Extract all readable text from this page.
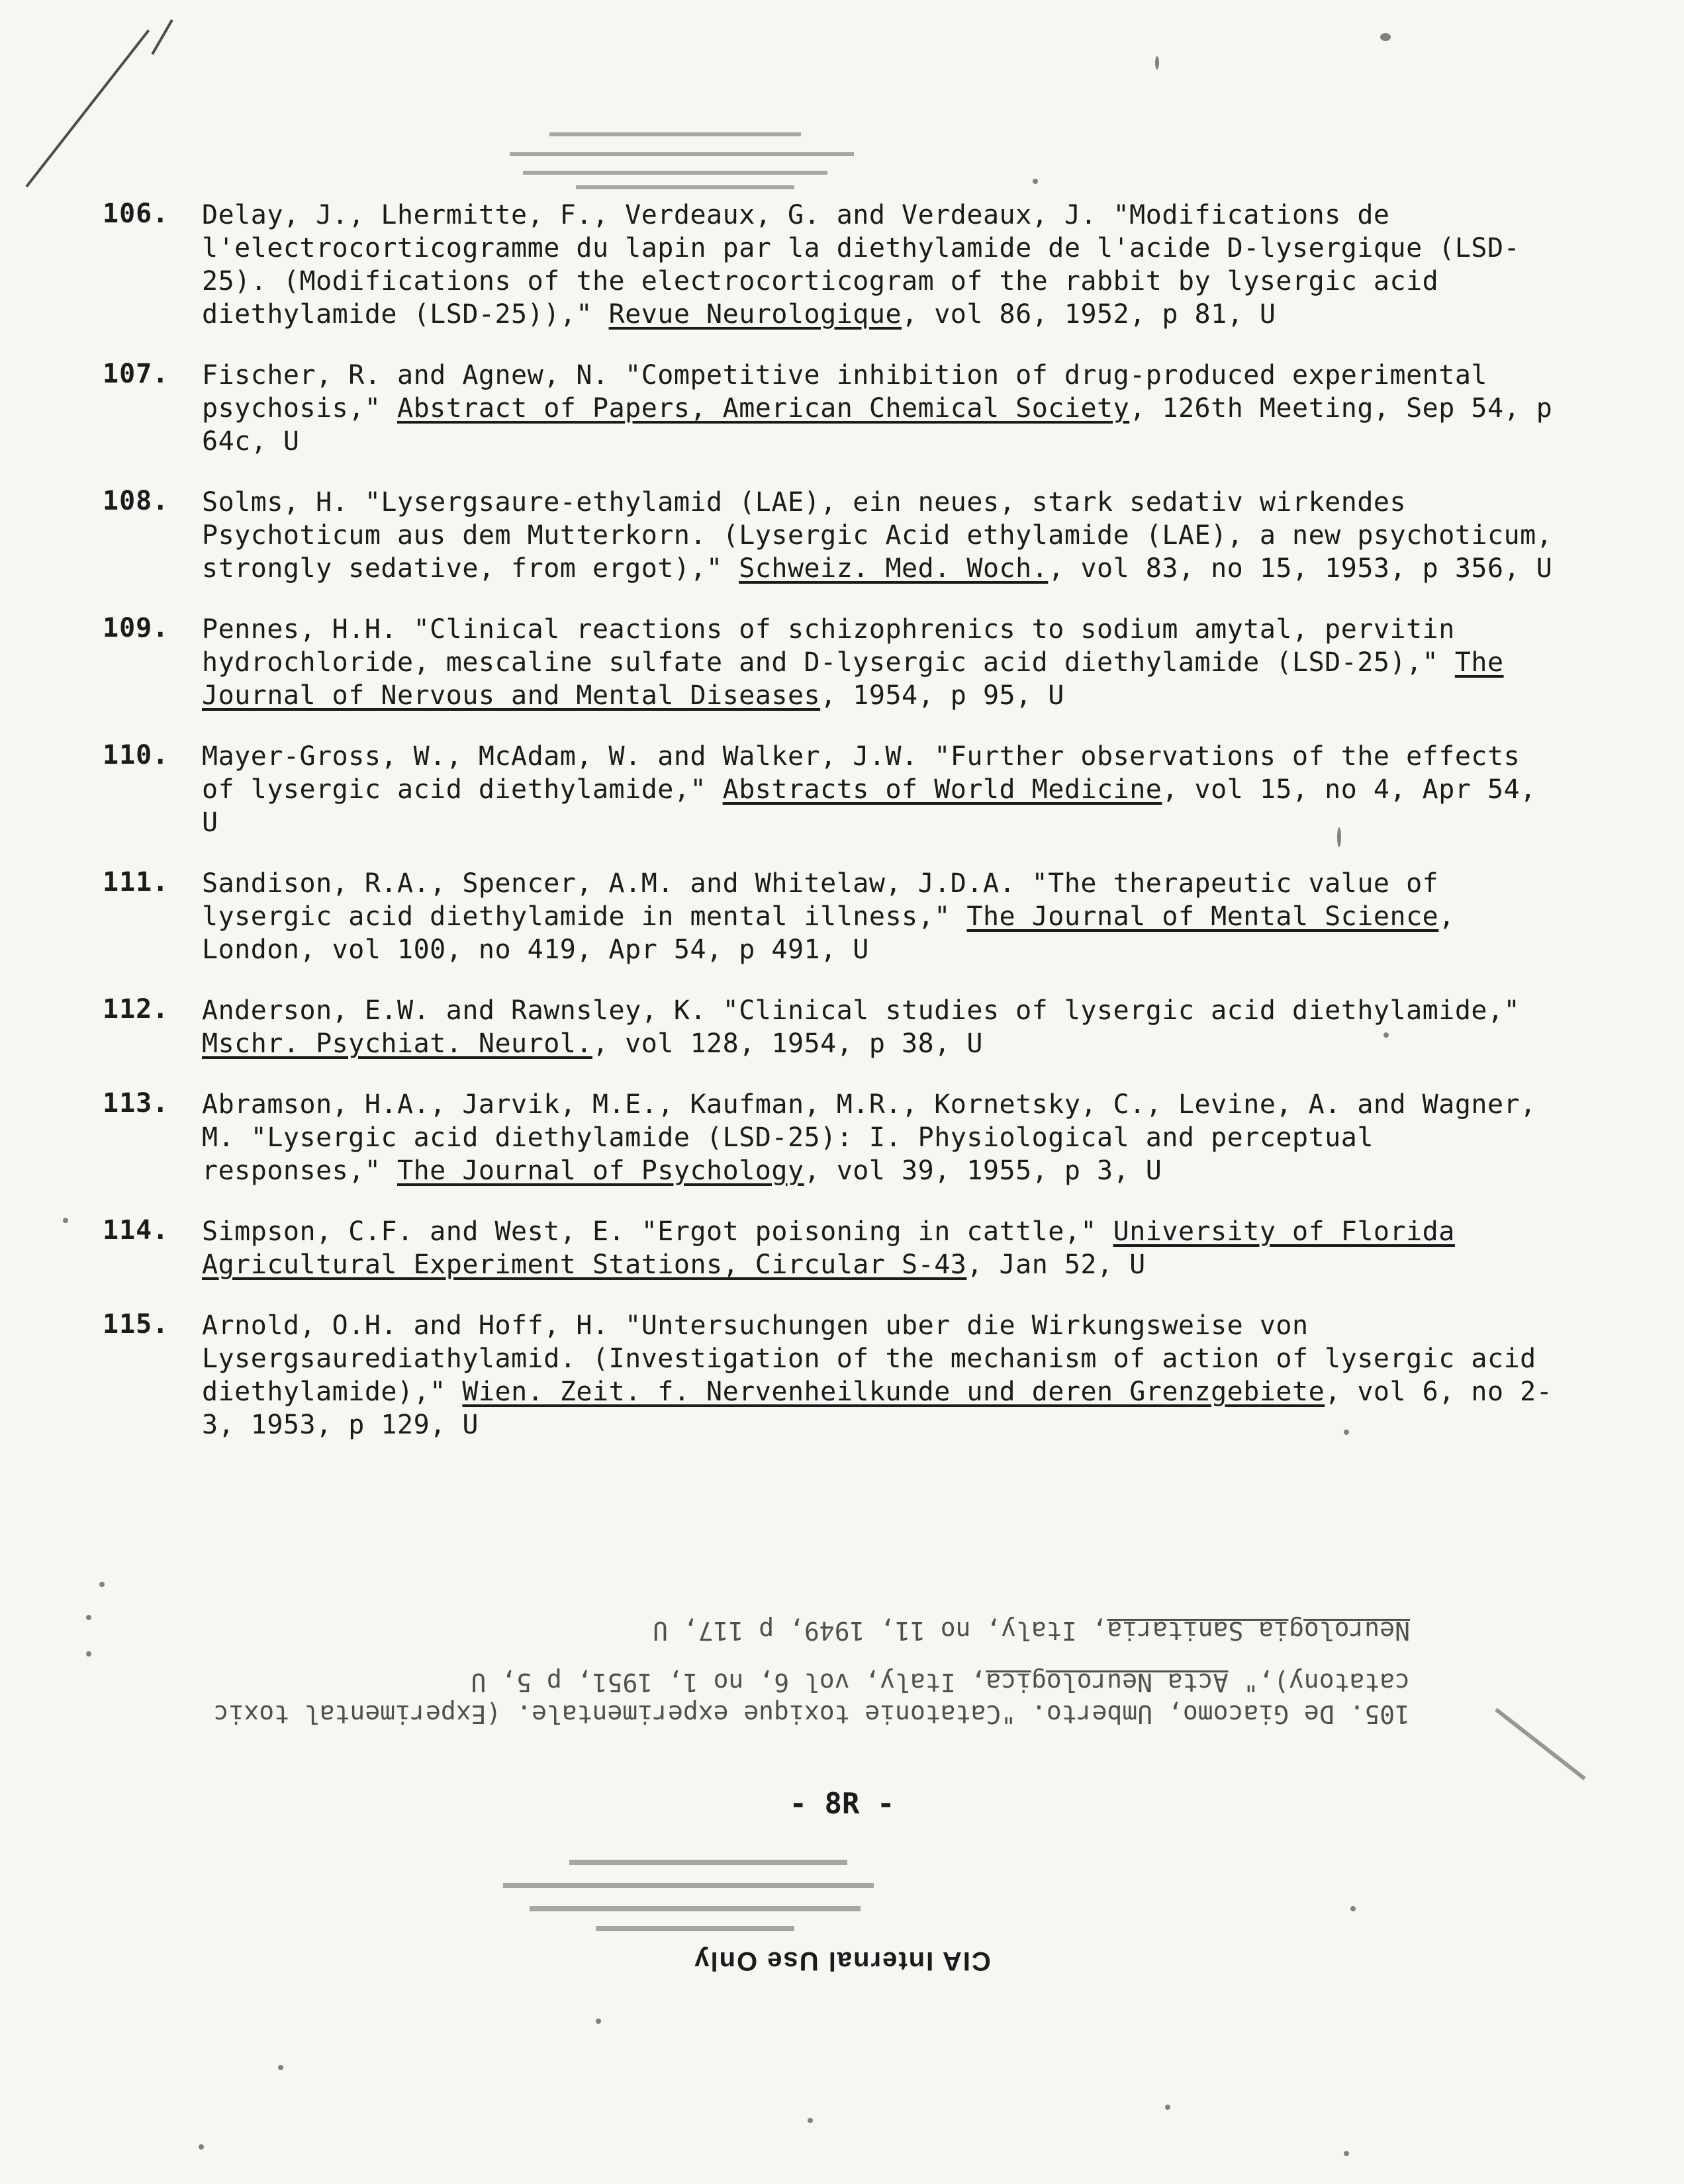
106.	Delay, J., Lhermitte, F., Verdeaux, G. and Verdeaux, J. "Modifications de l'electrocorticogramme du lapin par la diethylamide de l'acide D-lysergique (LSD-25). (Modifications of the electrocorticogram of the rabbit by lysergic acid diethylamide (LSD-25))," Revue Neurologique, vol 86, 1952, p 81, U
107.	Fischer, R. and Agnew, N. "Competitive inhibition of drug-produced experimental psychosis," Abstract of Papers, American Chemical Society, 126th Meeting, Sep 54, p 64c, U
108.	Solms, H. "Lysergsaure-ethylamid (LAE), ein neues, stark sedativ wirkendes Psychoticum aus dem Mutterkorn. (Lysergic Acid ethylamide (LAE), a new psychoticum, strongly sedative, from ergot)," Schweiz. Med. Woch., vol 83, no 15, 1953, p 356, U
109.	Pennes, H.H. "Clinical reactions of schizophrenics to sodium amytal, pervitin hydrochloride, mescaline sulfate and D-lysergic acid diethylamide (LSD-25)," The Journal of Nervous and Mental Diseases, 1954, p 95, U
110.	Mayer-Gross, W., McAdam, W. and Walker, J.W. "Further observations of the effects of lysergic acid diethylamide," Abstracts of World Medicine, vol 15, no 4, Apr 54, U
111.	Sandison, R.A., Spencer, A.M. and Whitelaw, J.D.A. "The therapeutic value of lysergic acid diethylamide in mental illness," The Journal of Mental Science, London, vol 100, no 419, Apr 54, p 491, U
112.	Anderson, E.W. and Rawnsley, K. "Clinical studies of lysergic acid diethylamide," Mschr. Psychiat. Neurol., vol 128, 1954, p 38, U
113.	Abramson, H.A., Jarvik, M.E., Kaufman, M.R., Kornetsky, C., Levine, A. and Wagner, M. "Lysergic acid diethylamide (LSD-25): I. Physiological and perceptual responses," The Journal of Psychology, vol 39, 1955, p 3, U
114.	Simpson, C.F. and West, E. "Ergot poisoning in cattle," University of Florida Agricultural Experiment Stations, Circular S-43, Jan 52, U
115.	Arnold, O.H. and Hoff, H. "Untersuchungen uber die Wirkungsweise von Lysergsaurediathylamid. (Investigation of the mechanism of action of lysergic acid diethylamide)," Wien. Zeit. f. Nervenheilkunde und deren Grenzgebiete, vol 6, no 2-3, 1953, p 129, U
105. De Giacomo, Umberto. "Catatonie toxique experimentale. (Experimental toxic catatony)," Acta Neurologica, Italy, vol 6, no 1, 1951, p 5, U
Neurologia Sanitaria, Italy, no 11, 1949, p 117, U
- 8R -
CIA Internal Use Only
